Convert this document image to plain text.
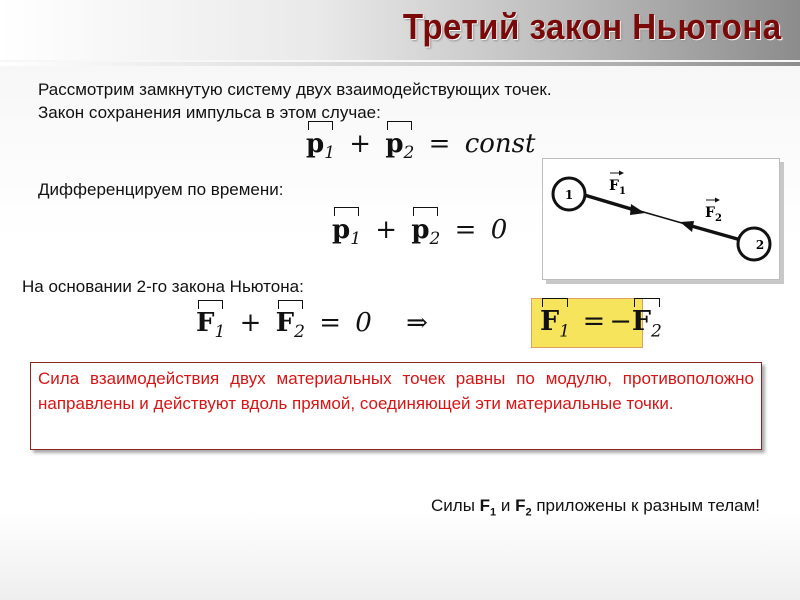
Третий закон Ньютона
Рассмотрим замкнутую систему двух взаимодействующих точек.
Закон сохранения импульса в этом случае:
$p_1 + p_2$ = const
Дифференцируем по времени:
$p_1 + p_2 = 0$
На основании 2-го закона Ньютона:
$F_1 + F_2 = 0$ ⇒	$F_1 = -F_2$
1
2
F 1
F 2
Сила взаимодействия двух материальных точек равны по модулю, противоположно направлены и действуют вдоль прямой, соединяющей эти материальные точки.
Силы $F_1$ и $F_2$ приложены к разным телам!
